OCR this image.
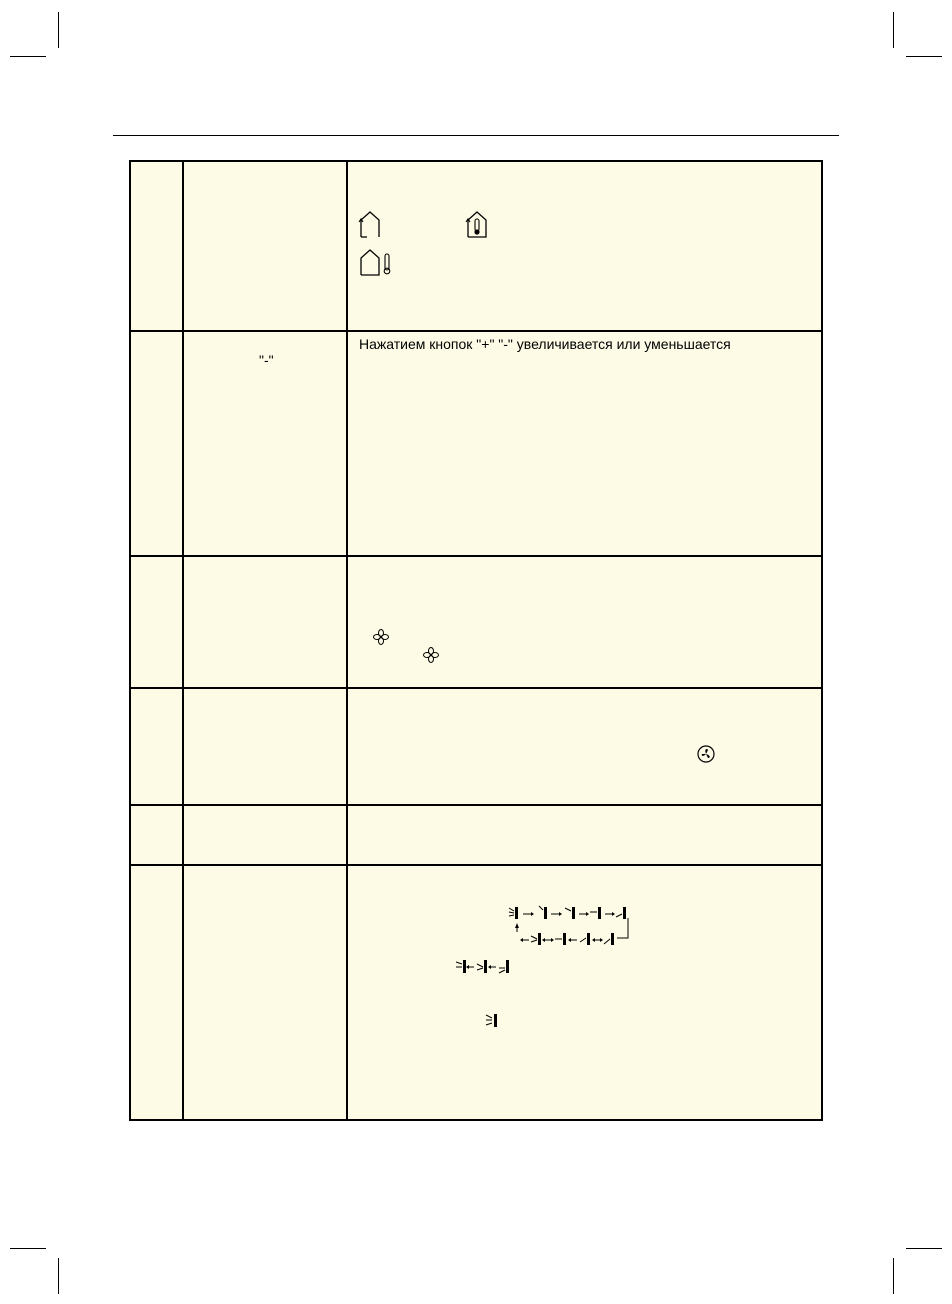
"-"
Нажатием кнопок "+" "-" увеличивается или уменьшается
